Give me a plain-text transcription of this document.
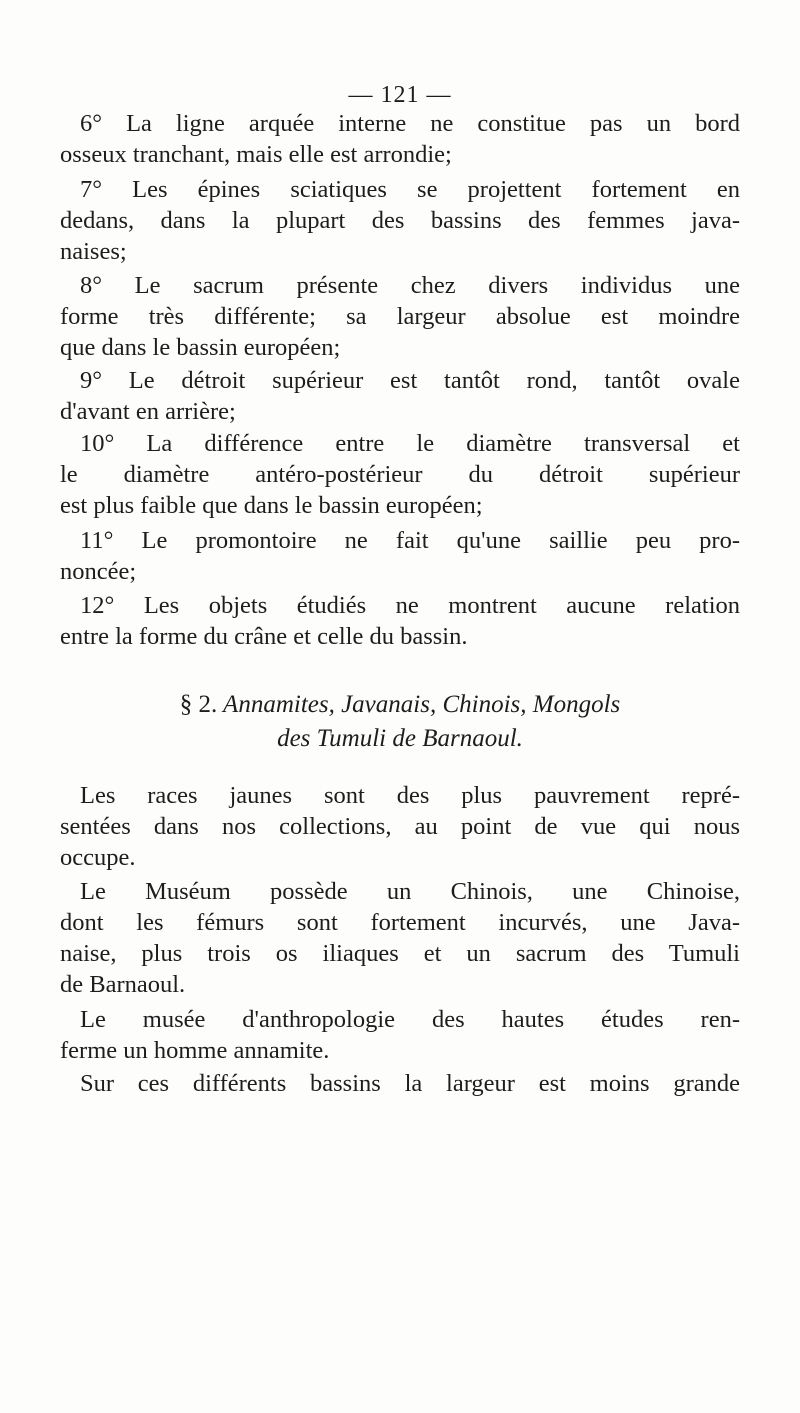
— 121 —
6° La ligne arquée interne ne constitue pas un bord
osseux tranchant, mais elle est arrondie;
7° Les épines sciatiques se projettent fortement en
dedans, dans la plupart des bassins des femmes java-
naises;
8° Le sacrum présente chez divers individus une
forme très différente; sa largeur absolue est moindre
que dans le bassin européen;
9° Le détroit supérieur est tantôt rond, tantôt ovale
d'avant en arrière;
10° La différence entre le diamètre transversal et
le diamètre antéro-postérieur du détroit supérieur
est plus faible que dans le bassin européen;
11° Le promontoire ne fait qu'une saillie peu pro-
noncée;
12° Les objets étudiés ne montrent aucune relation
entre la forme du crâne et celle du bassin.
§ 2. Annamites, Javanais, Chinois, Mongols
des Tumuli de Barnaoul.
Les races jaunes sont des plus pauvrement repré-
sentées dans nos collections, au point de vue qui nous
occupe.
Le Muséum possède un Chinois, une Chinoise,
dont les fémurs sont fortement incurvés, une Java-
naise, plus trois os iliaques et un sacrum des Tumuli
de Barnaoul.
Le musée d'anthropologie des hautes études ren-
ferme un homme annamite.
Sur ces différents bassins la largeur est moins grande
